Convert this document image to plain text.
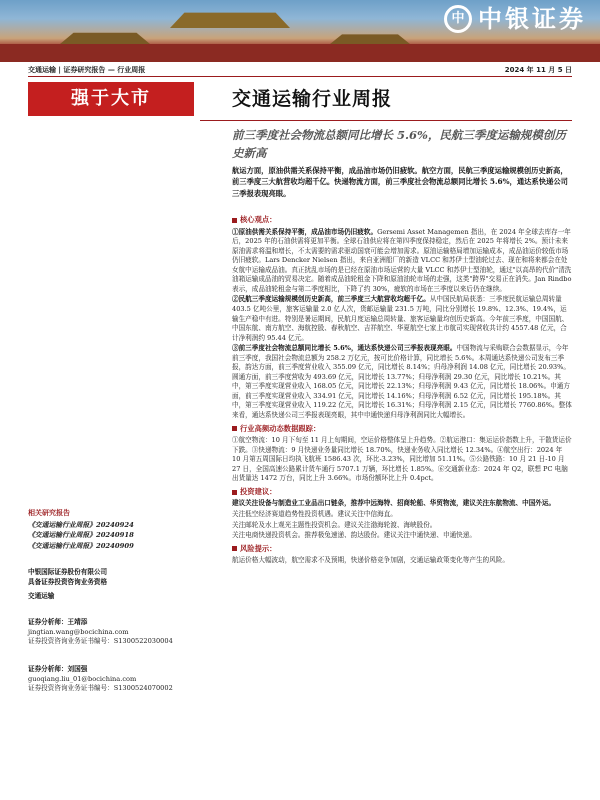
中 中银证券
交通运输 | 证券研究报告 — 行业周报	2024 年 11 月 5 日
强于大市	交通运输行业周报
前三季度社会物流总额同比增长 5.6%，民航三季度运输规模创历史新高
航运方面，原油供需关系保持平衡，成品油市场仍旧疲软。航空方面，民航三季度运输规模创历史新高，前三季度三大航营收均超千亿。快递物流方面，前三季度社会物流总额同比增长 5.6%，通达系快递公司三季报表现亮眼。
核心观点：
①原油供需关系保持平衡，成品油市场仍旧疲软。Gersemi Asset Managemen 指出，在 2024 年全球去库存一年后，2025 年的石油供需将更加平衡。全球石油供应将在第四季度保持稳定，然后在 2025 年将增长 2%。预计未来原油需求将温和增长，不太需要的需求驱动国衰可能会增加需求。原油运输格局增加运输成本，成品油运价较低市场仍旧疲软。Lars Dencker Nielsen 指出，来自亚洲船厂的新造 VLCC 和苏伊士型油轮过去、现在和将来都会在处女航中运输成品油。真正扰乱市场的是已经在原油市场运营的大量 VLCC 和苏伊士型油轮，通过"以高昂的代价"清洗油箱运输成品油的贸易决定。随着成品油轮租金下降和原油油轮市场的走强，这类"跨界"交易正在消失。Jan Rindbo 表示，成品油轮租金与第二季度相比，下降了约 30%，疲软的市场在三季度以来后仍在继续。
②民航三季度运输规模创历史新高，前三季度三大航营收均超千亿。从中国民航局获悉：三季度民航运输总周转量 403.5 亿吨公里，旅客运输量 2.0 亿人次，货邮运输量 231.5 万吨，同比分别增长 19.8%、12.3%、19.4%，运输生产稳中有进。特别是暑运期间，民航月度运输总周转量、旅客运输量均创历史新高。今年前三季度，中国国航、中国东航、南方航空、海航控股、春秋航空、吉祥航空、华夏航空七家上市航司实现营收共计约 4557.48 亿元，合计净利润约 95.44 亿元。
③前三季度社会物流总额同比增长 5.6%，通达系快递公司三季报表现亮眼。中国物流与采购联合会数据显示，今年前三季度，我国社会物流总额为 258.2 万亿元，按可比价格计算，同比增长 5.6%。本周通达系快递公司发布三季报，韵达方面，前三季度营业收入 355.09 亿元，同比增长 8.14%；归母净利润 14.08 亿元，同比增长 20.93%。圆通方面，前三季度营收为 493.69 亿元，同比增长 13.77%；归母净利润 29.30 亿元，同比增长 10.21%。其中，第三季度实现营业收入 168.05 亿元，同比增长 22.13%；归母净利润 9.43 亿元，同比增长 18.06%。申通方面，前三季度实现营业收入 334.91 亿元，同比增长 14.16%；归母净利润 6.52 亿元，同比增长 195.18%。其中，第三季度实现营业收入 119.22 亿元，同比增长 16.31%；归母净利润 2.15 亿元，同比增长 7760.86%。整体来看，通达系快递公司三季报表现亮眼，其中申通快递归母净利润同比大幅增长。
行业高频动态数据跟踪：
①航空物流：10 月下旬至 11 月上旬期间，空运价格整体呈上升趋势。②航运港口：集运运价指数上升，干散货运价下跌。③快递物流：9 月快递业务量同比增长 18.70%，快递业务收入同比增长 12.34%。④航空出行：2024 年 10 月第五周国际日均执飞航班 1586.43 次，环比-3.23%，同比增加 51.11%。⑤公路铁路：10 月 21 日-10 月 27 日，全国高速公路累计货车通行 5707.1 万辆，环比增长 1.85%。⑥交通新业态：2024 年 Q2，联想 PC 电脑出货量达 1472 万台，同比上升 3.66%。市场份额环比上升 0.4pct。
投资建议：
建议关注设备与制造业工业品出口链条，推荐中远海特、招商轮船、华贸物流，建议关注东航物流、中国外运。
关注低空经济赛道趋势性投资机遇。建议关注中信海直。
关注邮轮及水上观光主题性投资机会。建议关注渤海轮渡、海峡股份。
关注电商快递投资机会。推荐极兔速递、韵达股份。建议关注中通快递、申通快递。
风险提示：
航运价格大幅波动，航空需求不及预期，快递价格竞争加剧，交通运输政策变化等产生的风险。
相关研究报告
《交通运输行业周报》20240924
《交通运输行业周报》20240918
《交通运输行业周报》20240909
中银国际证券股份有限公司
具备证券投资咨询业务资格
交通运输
证券分析师：王靖添
jingtian.wang@bocichina.com
证券投资咨询业务证书编号：S1300522030004
证券分析师：刘国强
guoqiang.liu_01@bocichina.com
证券投资咨询业务证书编号：S1300524070002
